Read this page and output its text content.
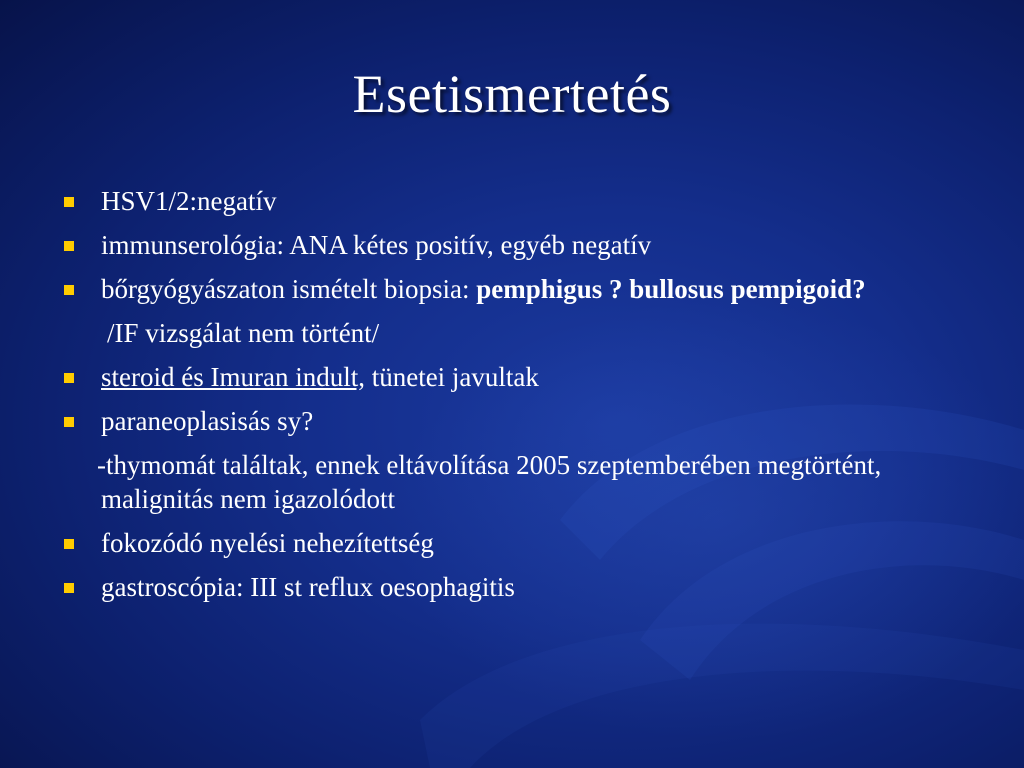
Esetismertetés
HSV1/2:negatív
immunserológia: ANA kétes positív, egyéb negatív
bőrgyógyászaton ismételt biopsia: pemphigus ? bullosus pempigoid?
/IF vizsgálat nem történt/
steroid és Imuran indult, tünetei javultak
paraneoplasisás sy?
-thymomát találtak, ennek eltávolítása 2005 szeptemberében megtörtént, malignitás nem igazolódott
fokozódó nyelési nehezítettség
gastroscópia: III st reflux oesophagitis
